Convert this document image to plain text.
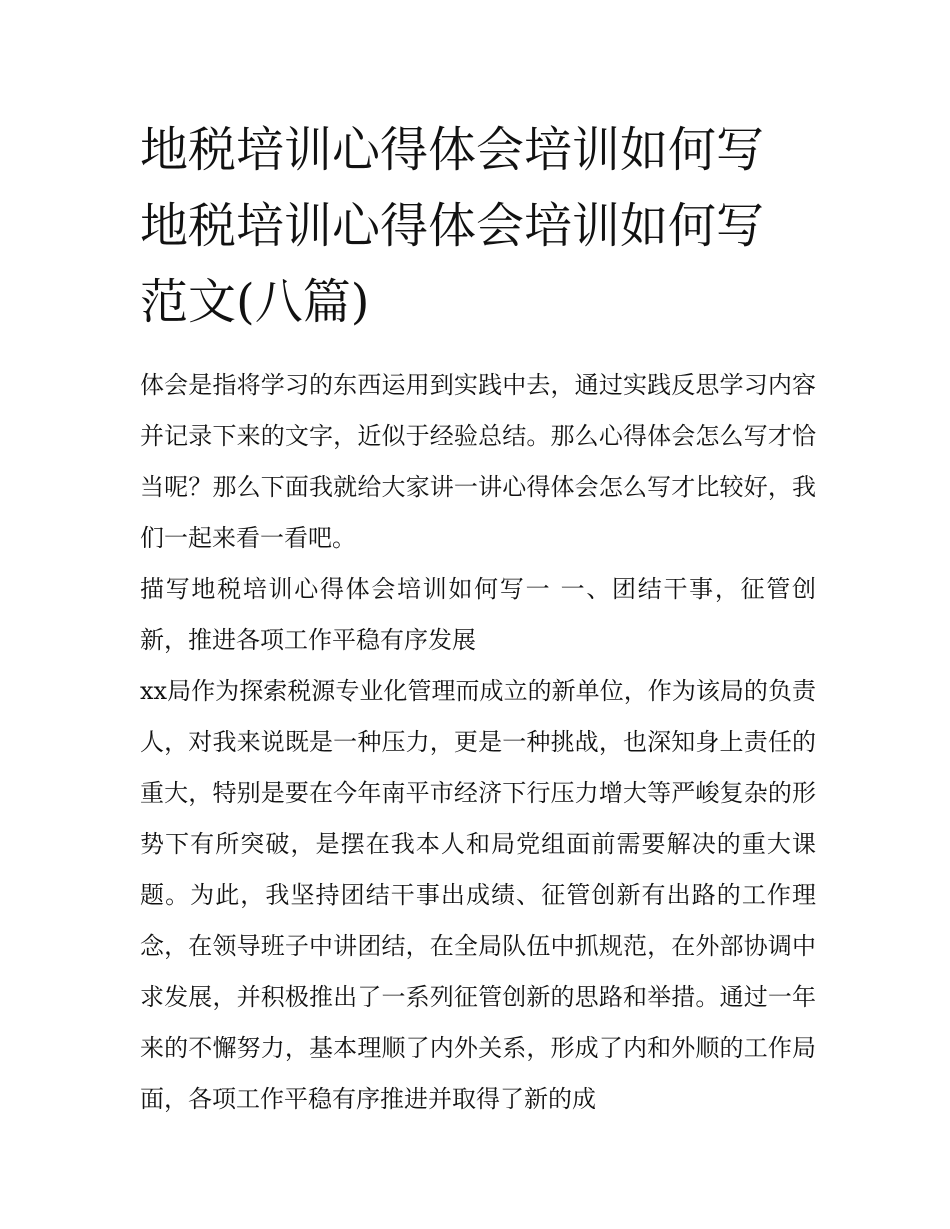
地税培训心得体会培训如何写
地税培训心得体会培训如何写
范文(八篇)

体会是指将学习的东西运用到实践中去，通过实践反思学习内容并记录下来的文字，近似于经验总结。那么心得体会怎么写才恰当呢？那么下面我就给大家讲一讲心得体会怎么写才比较好，我们一起来看一看吧。

描写地税培训心得体会培训如何写一 一、团结干事，征管创新，推进各项工作平稳有序发展

xx局作为探索税源专业化管理而成立的新单位，作为该局的负责人，对我来说既是一种压力，更是一种挑战，也深知身上责任的重大，特别是要在今年南平市经济下行压力增大等严峻复杂的形势下有所突破，是摆在我本人和局党组面前需要解决的重大课题。为此，我坚持团结干事出成绩、征管创新有出路的工作理念，在领导班子中讲团结，在全局队伍中抓规范，在外部协调中求发展，并积极推出了一系列征管创新的思路和举措。通过一年来的不懈努力，基本理顺了内外关系，形成了内和外顺的工作局面，各项工作平稳有序推进并取得了新的成
